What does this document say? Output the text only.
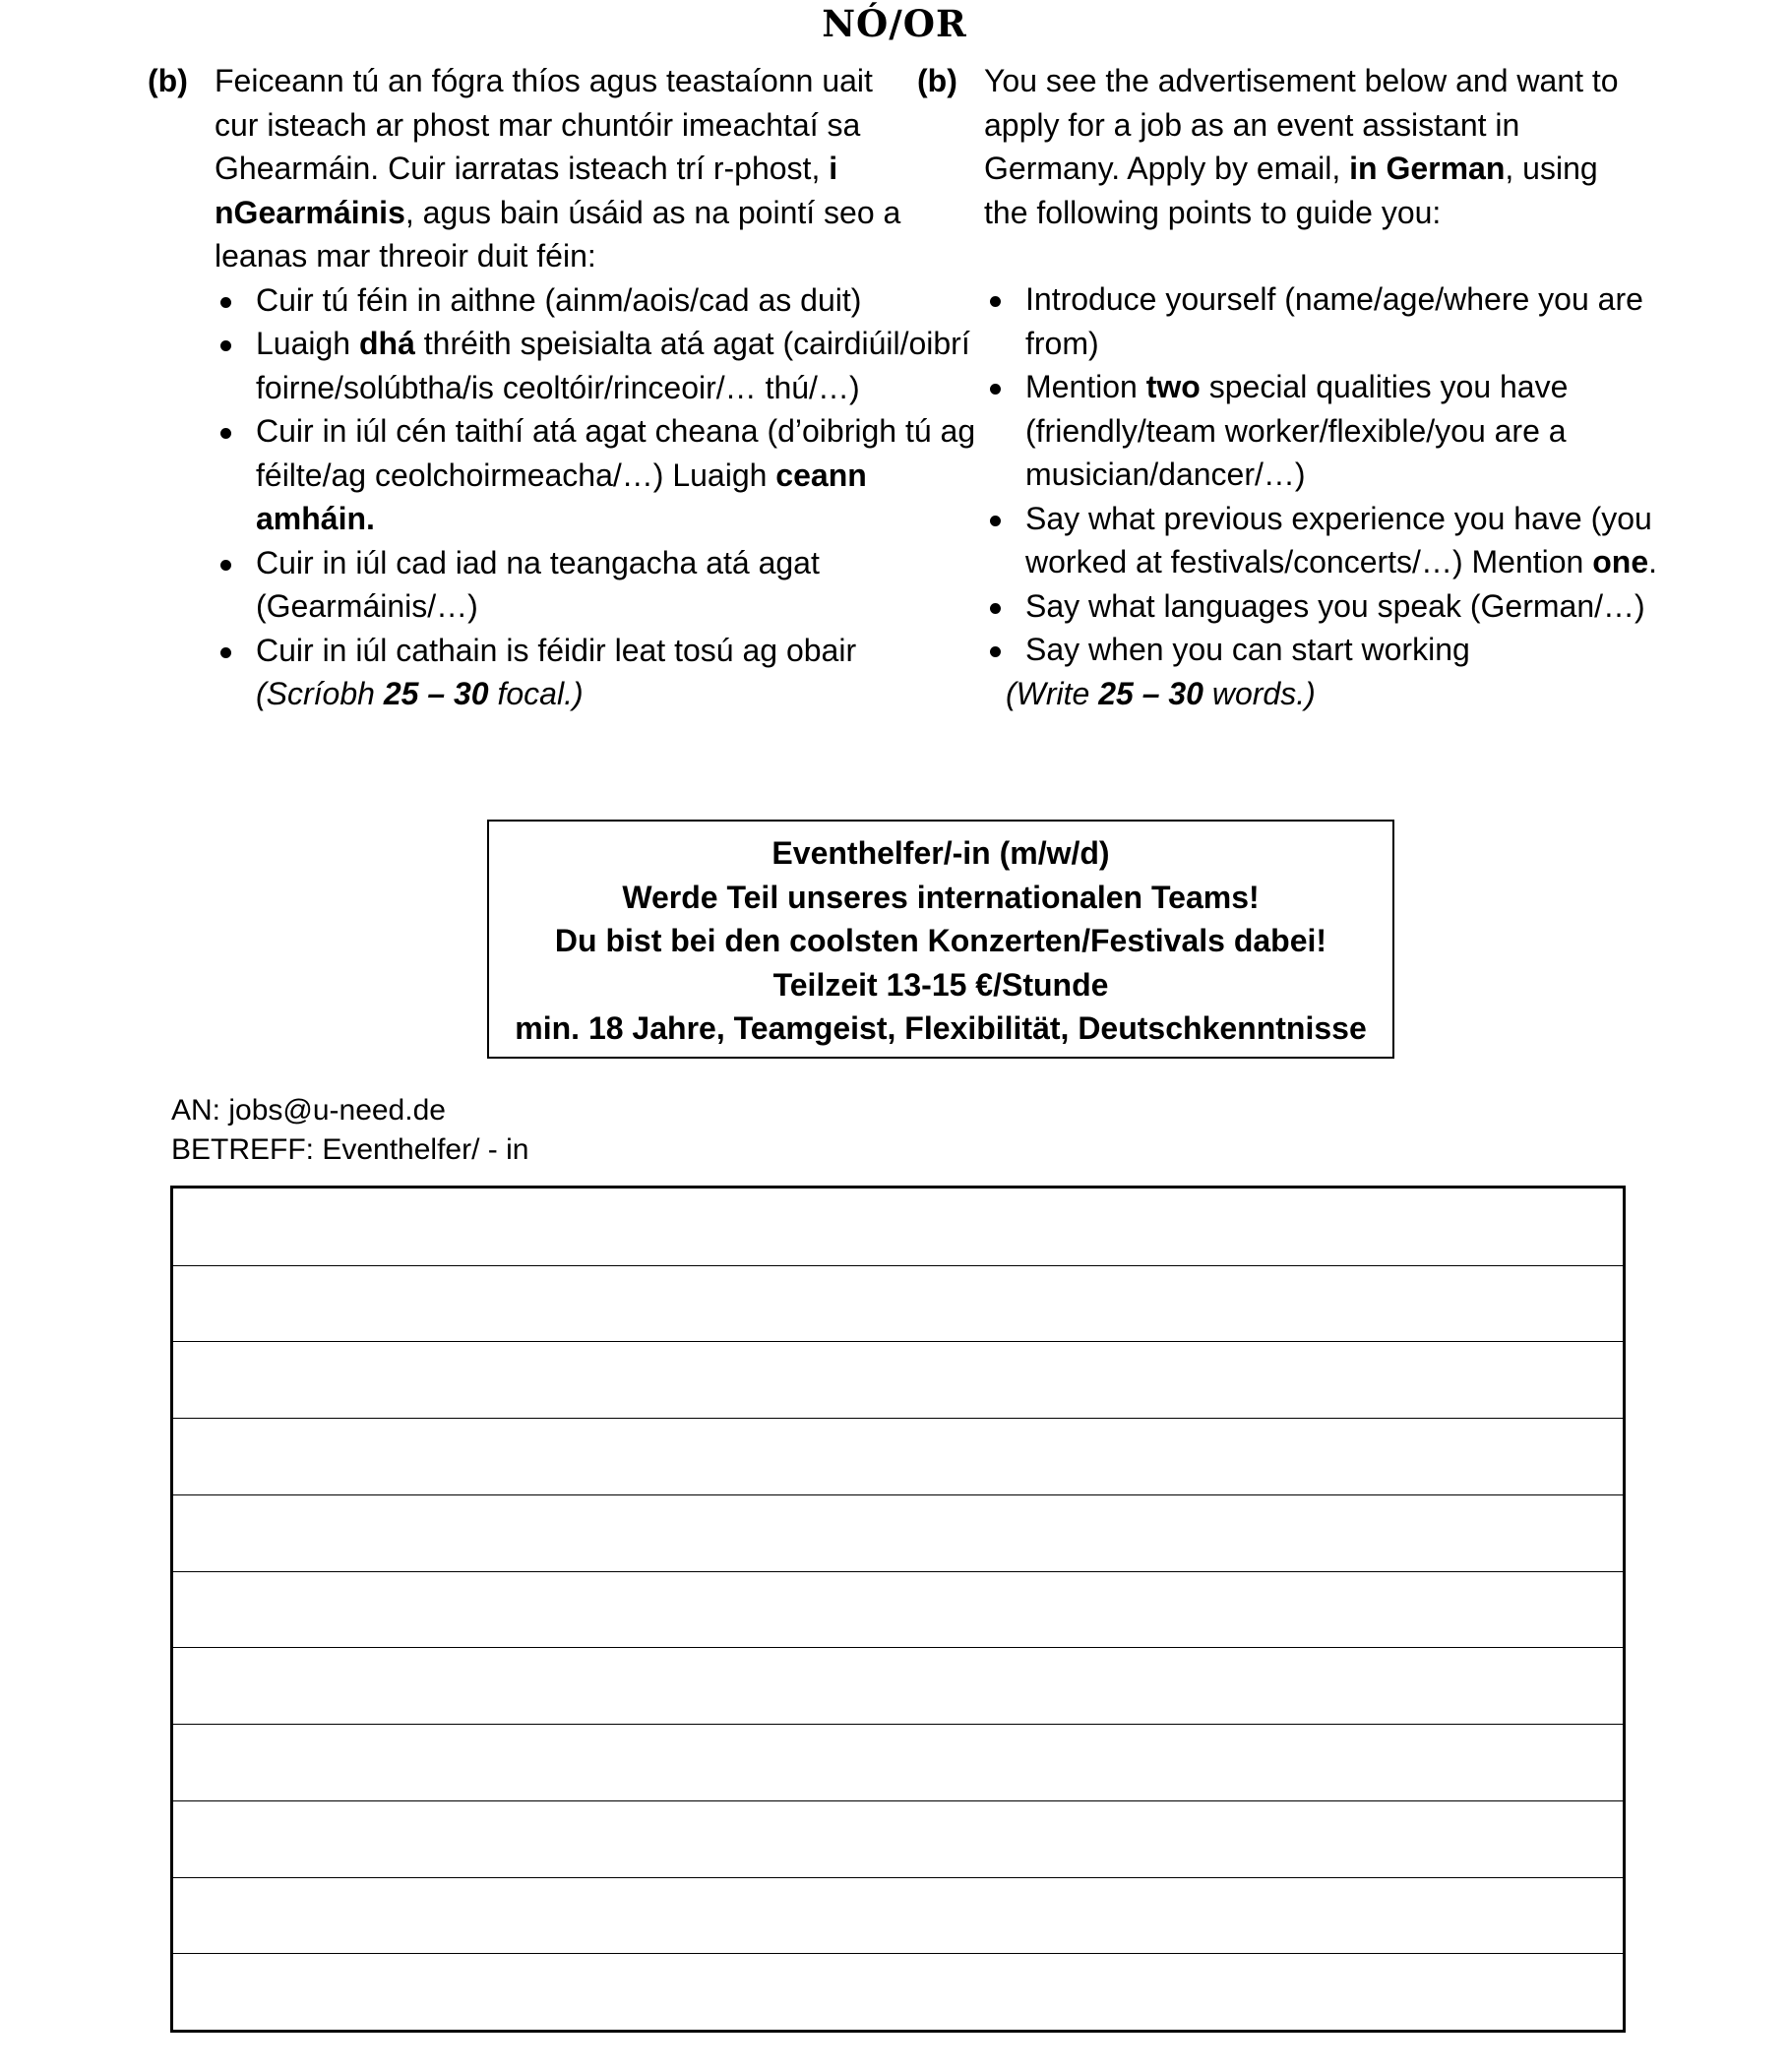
NÓ/OR
(b) Feiceann tú an fógra thíos agus teastaíonn uait cur isteach ar phost mar chuntóir imeachtaí sa Ghearmáin. Cuir iarratas isteach trí r-phost, i nGearmáinis, agus bain úsáid as na pointí seo a leanas mar threoir duit féin:
Cuir tú féin in aithne (ainm/aois/cad as duit)
Luaigh dhá thréith speisialta atá agat (cairdiúil/oibrí foirne/solúbtha/is ceoltóir/rinceoir/… thú/…)
Cuir in iúl cén taithí atá agat cheana (d’oibrigh tú ag féilte/ag ceolchoirmeacha/…) Luaigh ceann amháin.
Cuir in iúl cad iad na teangacha atá agat (Gearmáinis/…)
Cuir in iúl cathain is féidir leat tosú ag obair
(Scríobh 25 – 30 focal.)
(b) You see the advertisement below and want to apply for a job as an event assistant in Germany. Apply by email, in German, using the following points to guide you:
Introduce yourself (name/age/where you are from)
Mention two special qualities you have (friendly/team worker/flexible/you are a musician/dancer/…)
Say what previous experience you have (you worked at festivals/concerts/…) Mention one.
Say what languages you speak (German/…)
Say when you can start working
(Write 25 – 30 words.)
Eventhelfer/-in (m/w/d)
Werde Teil unseres internationalen Teams!
Du bist bei den coolsten Konzerten/Festivals dabei!
Teilzeit 13-15 €/Stunde
min. 18 Jahre, Teamgeist, Flexibilität, Deutschkenntnisse
AN: jobs@u-need.de
BETREFF: Eventhelfer/ - in
